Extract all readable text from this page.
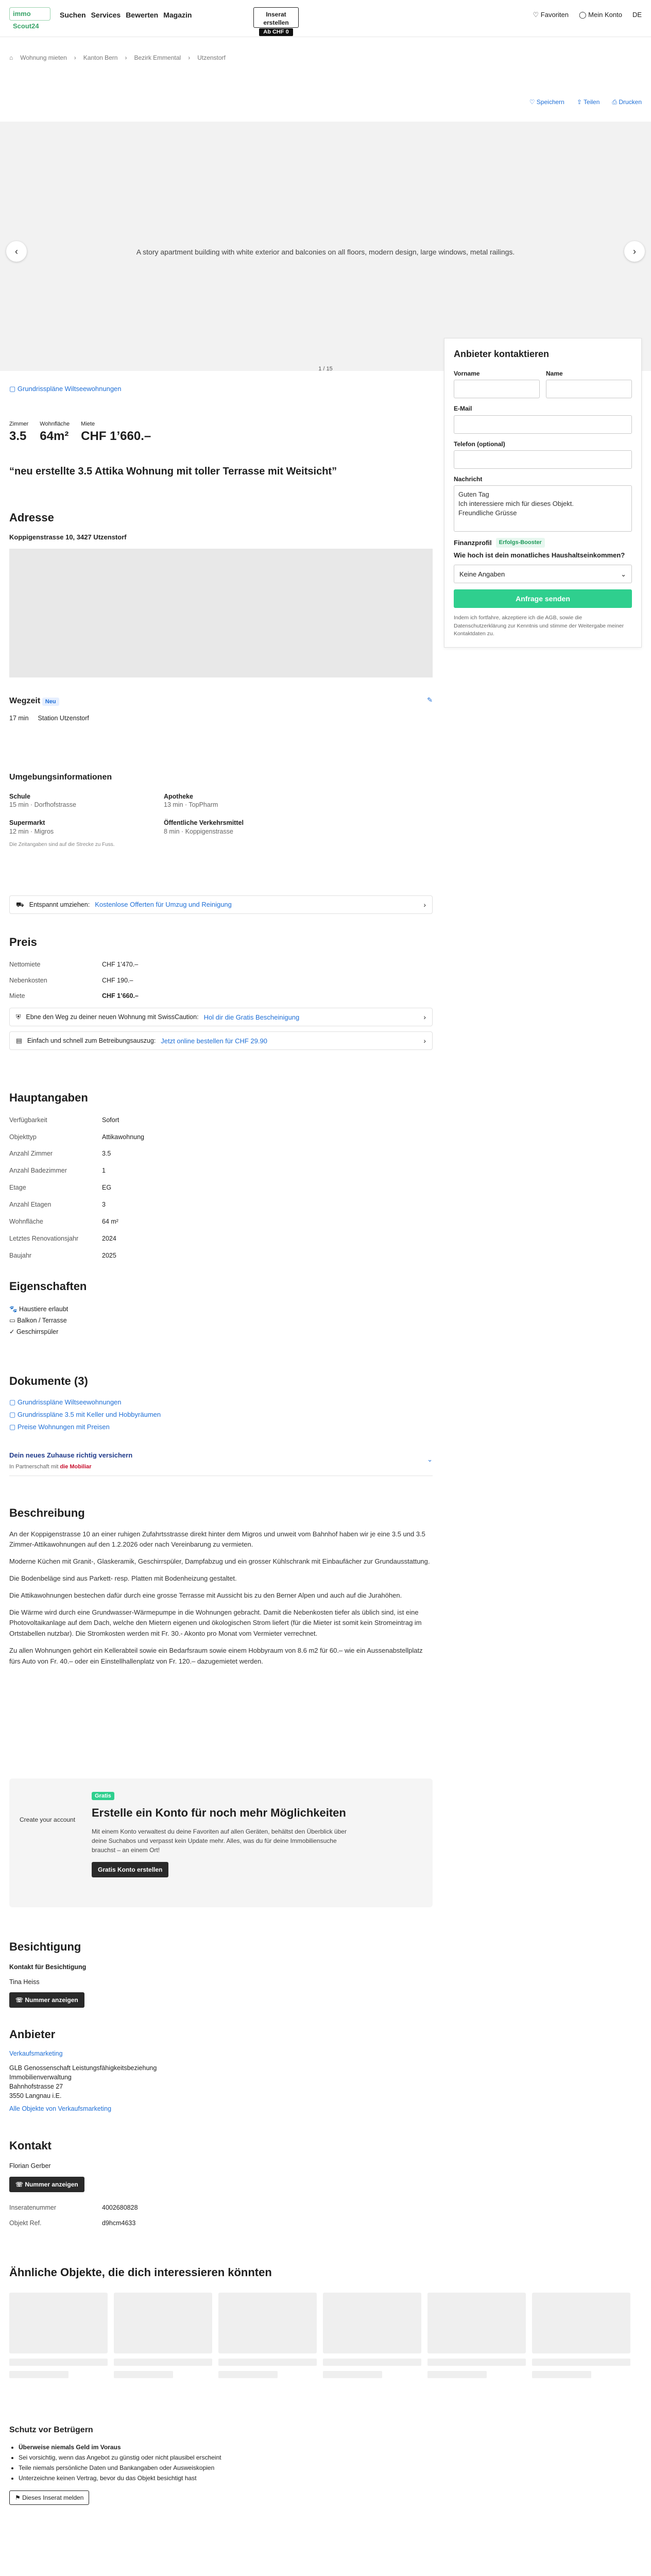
immo Scout24
Suchen Services Bewerten Magazin	Inserat erstellen
Ab CHF 0
♡ Favoriten ◯ Mein Konto DE
⌂ Wohnung mieten › Kanton Bern › Bezirk Emmental › Utzenstorf
♡ Speichern ⇪ Teilen ⎙ Drucken
A story apartment building with white exterior and balconies on all floors, modern design, large windows, metal railings.
‹	›
1 / 15
Anbieter kontaktieren
Vorname	Name
E-Mail
Telefon (optional)
Nachricht
Guten Tag
Ich interessiere mich für dieses Objekt.
Freundliche Grüsse
Finanzprofil	Erfolgs-Booster
Wie hoch ist dein monatliches Haushaltseinkommen?
Keine Angaben	⌄
Anfrage senden
Indem ich fortfahre, akzeptiere ich die AGB, sowie die Datenschutzerklärung zur Kenntnis und stimme der Weitergabe meiner Kontaktdaten zu.
▢ Grundrisspläne Wiltseewohnungen
Zimmer
3.5
Wohnfläche
64m²
Miete
CHF 1’660.–
“neu erstellte 3.5 Attika Wohnung mit toller Terrasse mit Weitsicht”
Adresse
Koppigenstrasse 10, 3427 Utzenstorf
Wegzeit Neu	✎
17 min Station Utzenstorf
Umgebungsinformationen
Schule
15 min · Dorfhofstrasse
Apotheke
13 min · TopPharm
Supermarkt
12 min · Migros
Öffentliche Verkehrsmittel
8 min · Koppigenstrasse
Die Zeitangaben sind auf die Strecke zu Fuss.
⛟ Entspannt umziehen: Kostenlose Offerten für Umzug und Reinigung	›
Preis
Nettomiete	CHF 1’470.–
Nebenkosten	CHF 190.–
Miete	CHF 1’660.–
⛨ Ebne den Weg zu deiner neuen Wohnung mit SwissCaution: Hol dir die Gratis Bescheinigung	›
▤ Einfach und schnell zum Betreibungsauszug: Jetzt online bestellen für CHF 29.90	›
Hauptangaben
Verfügbarkeit	Sofort
Objekttyp	Attikawohnung
Anzahl Zimmer	3.5
Anzahl Badezimmer	1
Etage	EG
Anzahl Etagen	3
Wohnfläche	64 m²
Letztes Renovationsjahr	2024
Baujahr	2025
Eigenschaften
🐾 Haustiere erlaubt
▭ Balkon / Terrasse
✓ Geschirrspüler
Dokumente (3)
▢ Grundrisspläne Wiltseewohnungen
▢ Grundrisspläne 3.5 mit Keller und Hobbyräumen
▢ Preise Wohnungen mit Preisen
Dein neues Zuhause richtig versichern
In Partnerschaft mit die Mobiliar
⌄
Beschreibung

An der Koppigenstrasse 10 an einer ruhigen Zufahrtsstrasse direkt hinter dem Migros und unweit vom Bahnhof haben wir je eine 3.5 und 3.5 Zimmer-Attikawohnungen auf den 1.2.2026 oder nach Vereinbarung zu vermieten.

Moderne Küchen mit Granit-, Glaskeramik, Geschirrspüler, Dampfabzug und ein grosser Kühlschrank mit Einbaufächer zur Grundausstattung.

Die Bodenbeläge sind aus Parkett- resp. Platten mit Bodenheizung gestaltet.

Die Attikawohnungen bestechen dafür durch eine grosse Terrasse mit Aussicht bis zu den Berner Alpen und auch auf die Jurahöhen.

Die Wärme wird durch eine Grundwasser-Wärmepumpe in die Wohnungen gebracht. Damit die Nebenkosten tiefer als üblich sind, ist eine Photovoltaikanlage auf dem Dach, welche den Mietern eigenen und ökologischen Strom liefert (für die Mieter ist somit kein Stromeintrag im Ortstabellen nutzbar). Die Stromkosten werden mit Fr. 30.- Akonto pro Monat vom Vermieter verrechnet.

Zu allen Wohnungen gehört ein Kellerabteil sowie ein Bedarfsraum sowie einem Hobbyraum von 8.6 m2 für 60.– wie ein Aussenabstellplatz fürs Auto von Fr. 40.– oder ein Einstellhallenplatz von Fr. 120.– dazugemietet werden.

Create your account
Gratis
Erstelle ein Konto für noch mehr Möglichkeiten
Mit einem Konto verwaltest du deine Favoriten auf allen Geräten, behältst den Überblick über deine Suchabos und verpasst kein Update mehr. Alles, was du für deine Immobiliensuche brauchst – an einem Ort!
Gratis Konto erstellen
Besichtigung
Kontakt für Besichtigung
Tina Heiss
☏ Nummer anzeigen
Anbieter
Verkaufsmarketing
GLB Genossenschaft Leistungsfähigkeitsbeziehung
Immobilienverwaltung
Bahnhofstrasse 27
3550 Langnau i.E.
Alle Objekte von Verkaufsmarketing
Kontakt
Florian Gerber
☏ Nummer anzeigen
Inseratenummer	4002680828
Objekt Ref.	d9hcm4633
Ähnliche Objekte, die dich interessieren könnten
Schutz vor Betrügern
• Überweise niemals Geld im Voraus
• Sei vorsichtig, wenn das Angebot zu günstig oder nicht plausibel erscheint
• Teile niemals persönliche Daten und Bankangaben oder Ausweiskopien
• Unterzeichne keinen Vertrag, bevor du das Objekt besichtigt hast
⚑ Dieses Inserat melden
